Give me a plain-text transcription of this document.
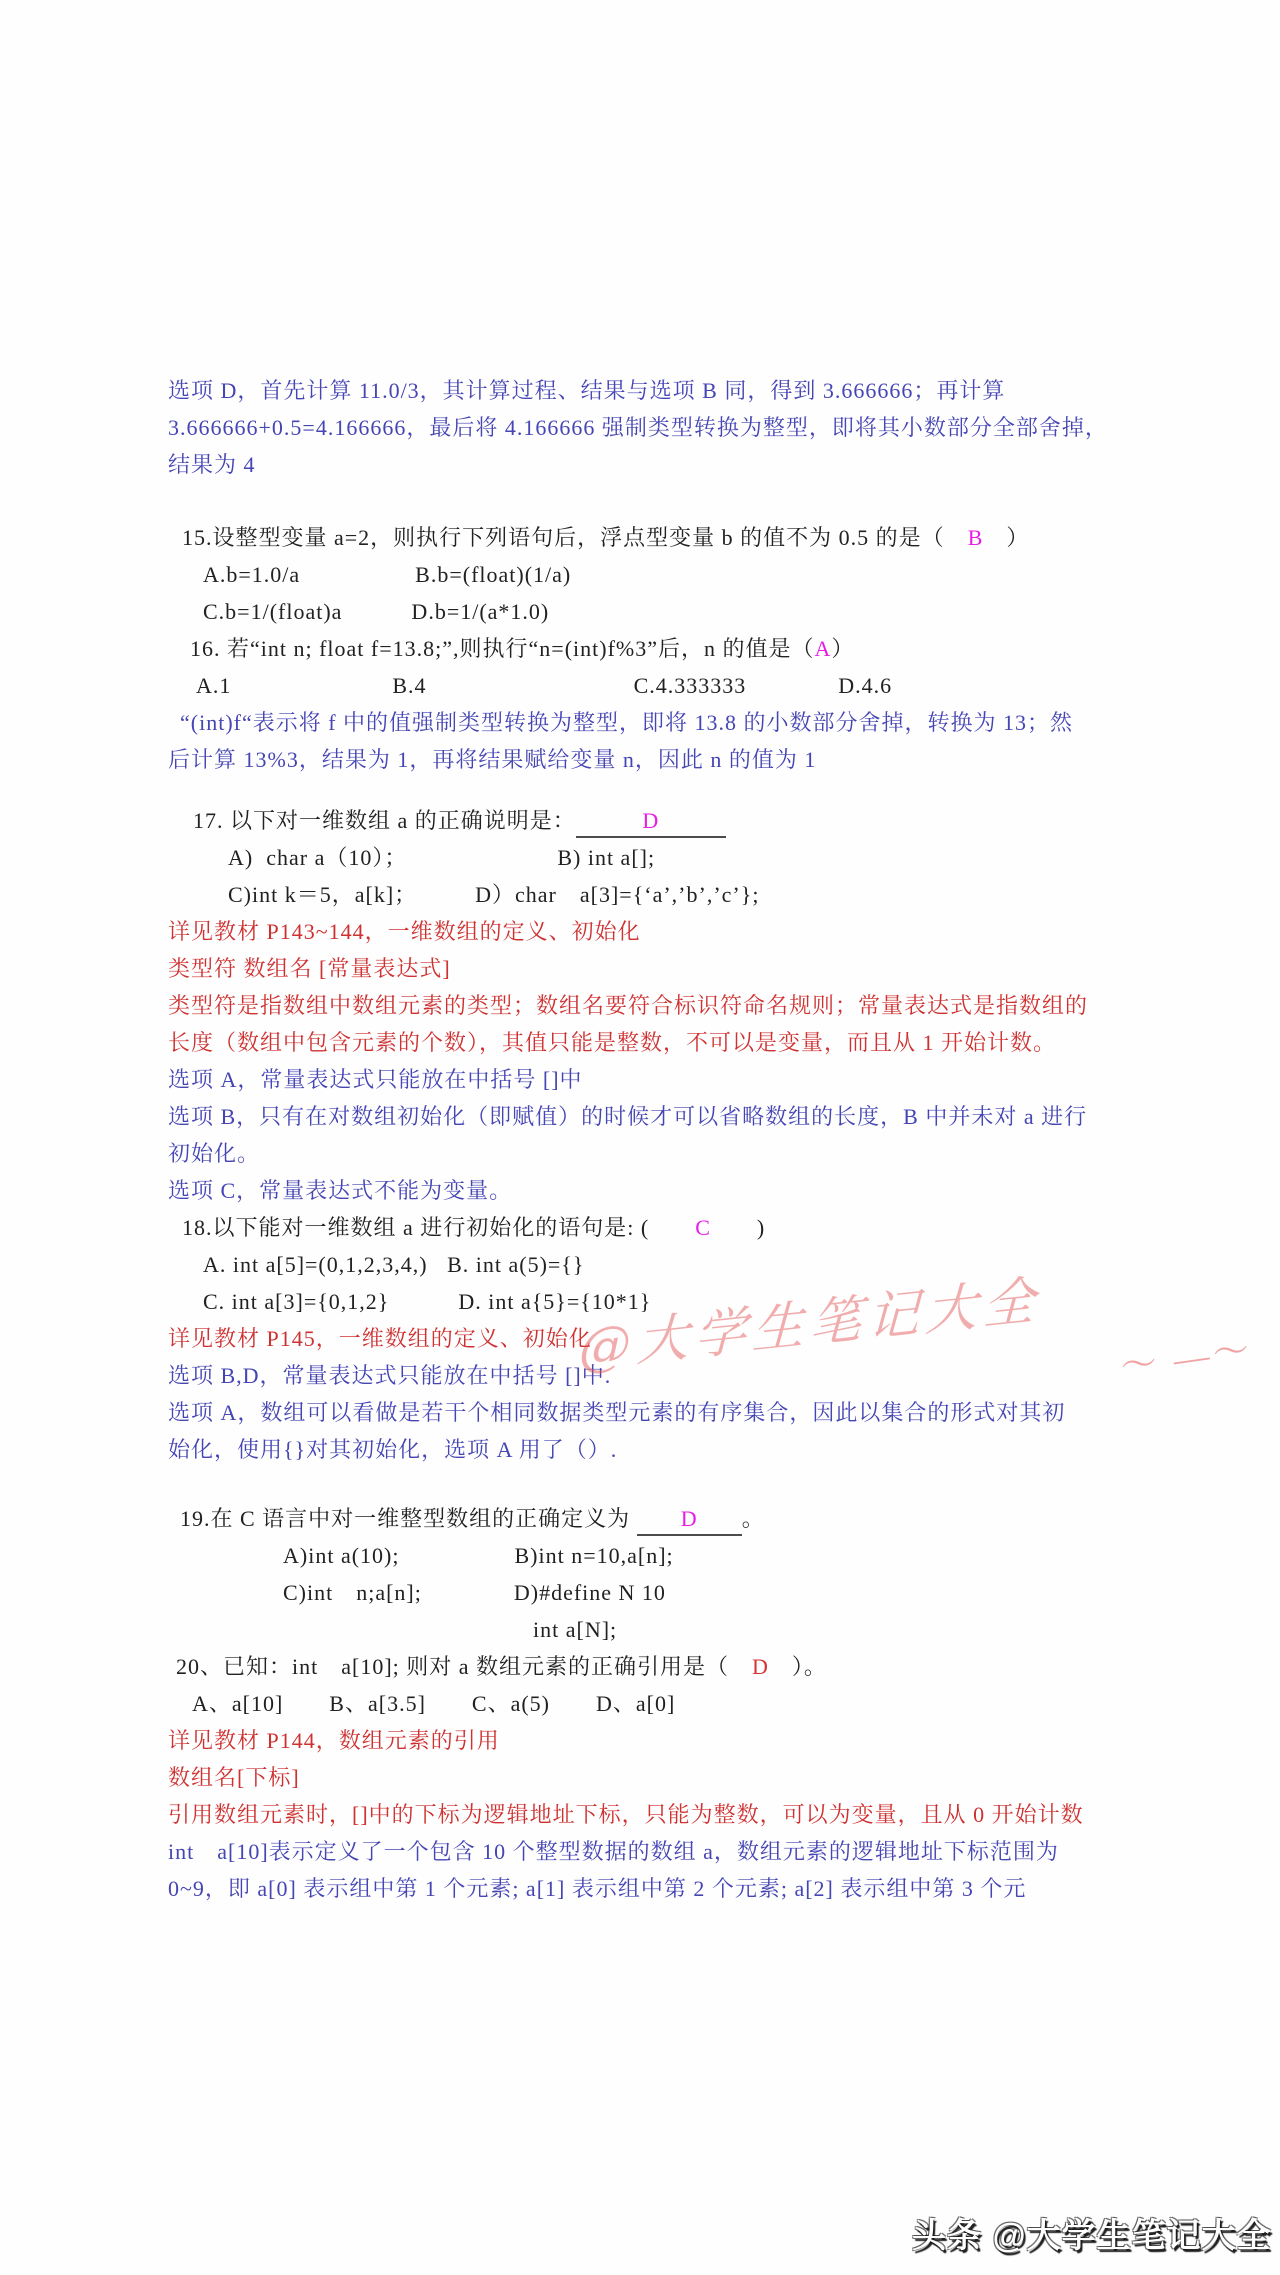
选项 D，首先计算 11.0/3，其计算过程、结果与选项 B 同，得到 3.666666；再计算
3.666666+0.5=4.166666，最后将 4.166666 强制类型转换为整型，即将其小数部分全部舍掉，
结果为 4
15.设整型变量 a=2，则执行下列语句后，浮点型变量 b 的值不为 0.5 的是（　B　）
A.b=1.0/a　　　　　B.b=(float)(1/a)
C.b=1/(float)a　　　D.b=1/(a*1.0)
16. 若“int n; float f=13.8;”,则执行“n=(int)f%3”后，n 的值是（A）
A.1　　　　　　　B.4　　　　　　　　　C.4.333333　　　　D.4.6
“(int)f“表示将 f 中的值强制类型转换为整型，即将 13.8 的小数部分舍掉，转换为 13；然
后计算 13%3，结果为 1，再将结果赋给变量 n，因此 n 的值为 1
17. 以下对一维数组 a 的正确说明是：	D
A)  char a（10）；　　　　　　　B) int a[];
C)int k＝5，a[k]；　　　D）char　a[3]={‘a’,’b’,’c’};
详见教材 P143~144，一维数组的定义、初始化
类型符 数组名 [常量表达式]
类型符是指数组中数组元素的类型；数组名要符合标识符命名规则；常量表达式是指数组的
长度（数组中包含元素的个数），其值只能是整数，不可以是变量，而且从 1 开始计数。
选项 A，常量表达式只能放在中括号 []中
选项 B，只有在对数组初始化（即赋值）的时候才可以省略数组的长度，B 中并未对 a 进行
初始化。
选项 C，常量表达式不能为变量。
18.以下能对一维数组 a 进行初始化的语句是: (　　C　　)
A. int a[5]=(0,1,2,3,4,)   B. int a(5)={}
C. int a[3]={0,1,2}　　　D. int a{5}={10*1}
详见教材 P145，一维数组的定义、初始化
选项 B,D，常量表达式只能放在中括号 []中.
选项 A，数组可以看做是若干个相同数据类型元素的有序集合，因此以集合的形式对其初
始化，使用{}对其初始化，选项 A 用了（）.
19.在 C 语言中对一维整型数组的正确定义为 D 。
A)int a(10);　　　　　B)int n=10,a[n];
C)int　n;a[n];　　　　D)#define N 10
int a[N];
20、已知：int　a[10]; 则对 a 数组元素的正确引用是（　D　）。
A、a[10]　　B、a[3.5]　　C、a(5)　　D、a[0]
详见教材 P144，数组元素的引用
数组名[下标]
引用数组元素时，[]中的下标为逻辑地址下标，只能为整数，可以为变量，且从 0 开始计数
int　a[10]表示定义了一个包含 10 个整型数据的数组 a，数组元素的逻辑地址下标范围为
0~9，即 a[0] 表示组中第 1 个元素; a[1] 表示组中第 2 个元素; a[2] 表示组中第 3 个元
@大学生笔记大全 ～ —〜
头条 @大学生笔记大全
